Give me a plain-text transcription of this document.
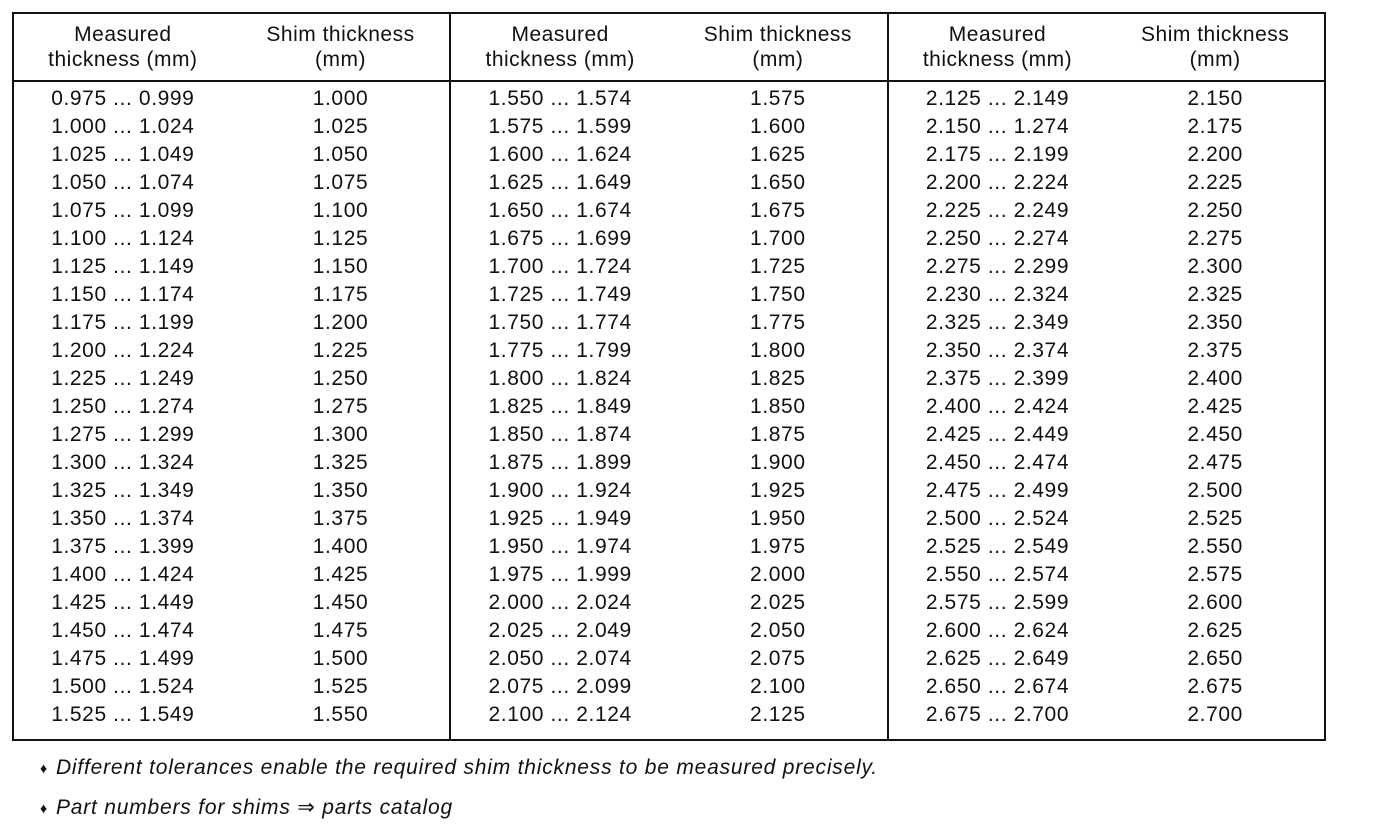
Measured
thickness (mm)
Shim thickness
(mm)
0.975 ... 0.999	1.000
1.000 ... 1.024	1.025
1.025 ... 1.049	1.050
1.050 ... 1.074	1.075
1.075 ... 1.099	1.100
1.100 ... 1.124	1.125
1.125 ... 1.149	1.150
1.150 ... 1.174	1.175
1.175 ... 1.199	1.200
1.200 ... 1.224	1.225
1.225 ... 1.249	1.250
1.250 ... 1.274	1.275
1.275 ... 1.299	1.300
1.300 ... 1.324	1.325
1.325 ... 1.349	1.350
1.350 ... 1.374	1.375
1.375 ... 1.399	1.400
1.400 ... 1.424	1.425
1.425 ... 1.449	1.450
1.450 ... 1.474	1.475
1.475 ... 1.499	1.500
1.500 ... 1.524	1.525
1.525 ... 1.549	1.550
Measured
thickness (mm)
Shim thickness
(mm)
1.550 ... 1.574	1.575
1.575 ... 1.599	1.600
1.600 ... 1.624	1.625
1.625 ... 1.649	1.650
1.650 ... 1.674	1.675
1.675 ... 1.699	1.700
1.700 ... 1.724	1.725
1.725 ... 1.749	1.750
1.750 ... 1.774	1.775
1.775 ... 1.799	1.800
1.800 ... 1.824	1.825
1.825 ... 1.849	1.850
1.850 ... 1.874	1.875
1.875 ... 1.899	1.900
1.900 ... 1.924	1.925
1.925 ... 1.949	1.950
1.950 ... 1.974	1.975
1.975 ... 1.999	2.000
2.000 ... 2.024	2.025
2.025 ... 2.049	2.050
2.050 ... 2.074	2.075
2.075 ... 2.099	2.100
2.100 ... 2.124	2.125
Measured
thickness (mm)
Shim thickness
(mm)
2.125 ... 2.149	2.150
2.150 ... 1.274	2.175
2.175 ... 2.199	2.200
2.200 ... 2.224	2.225
2.225 ... 2.249	2.250
2.250 ... 2.274	2.275
2.275 ... 2.299	2.300
2.230 ... 2.324	2.325
2.325 ... 2.349	2.350
2.350 ... 2.374	2.375
2.375 ... 2.399	2.400
2.400 ... 2.424	2.425
2.425 ... 2.449	2.450
2.450 ... 2.474	2.475
2.475 ... 2.499	2.500
2.500 ... 2.524	2.525
2.525 ... 2.549	2.550
2.550 ... 2.574	2.575
2.575 ... 2.599	2.600
2.600 ... 2.624	2.625
2.625 ... 2.649	2.650
2.650 ... 2.674	2.675
2.675 ... 2.700	2.700
♦ Different tolerances enable the required shim thickness to be measured precisely.
♦ Part numbers for shims ⇒ parts catalog
